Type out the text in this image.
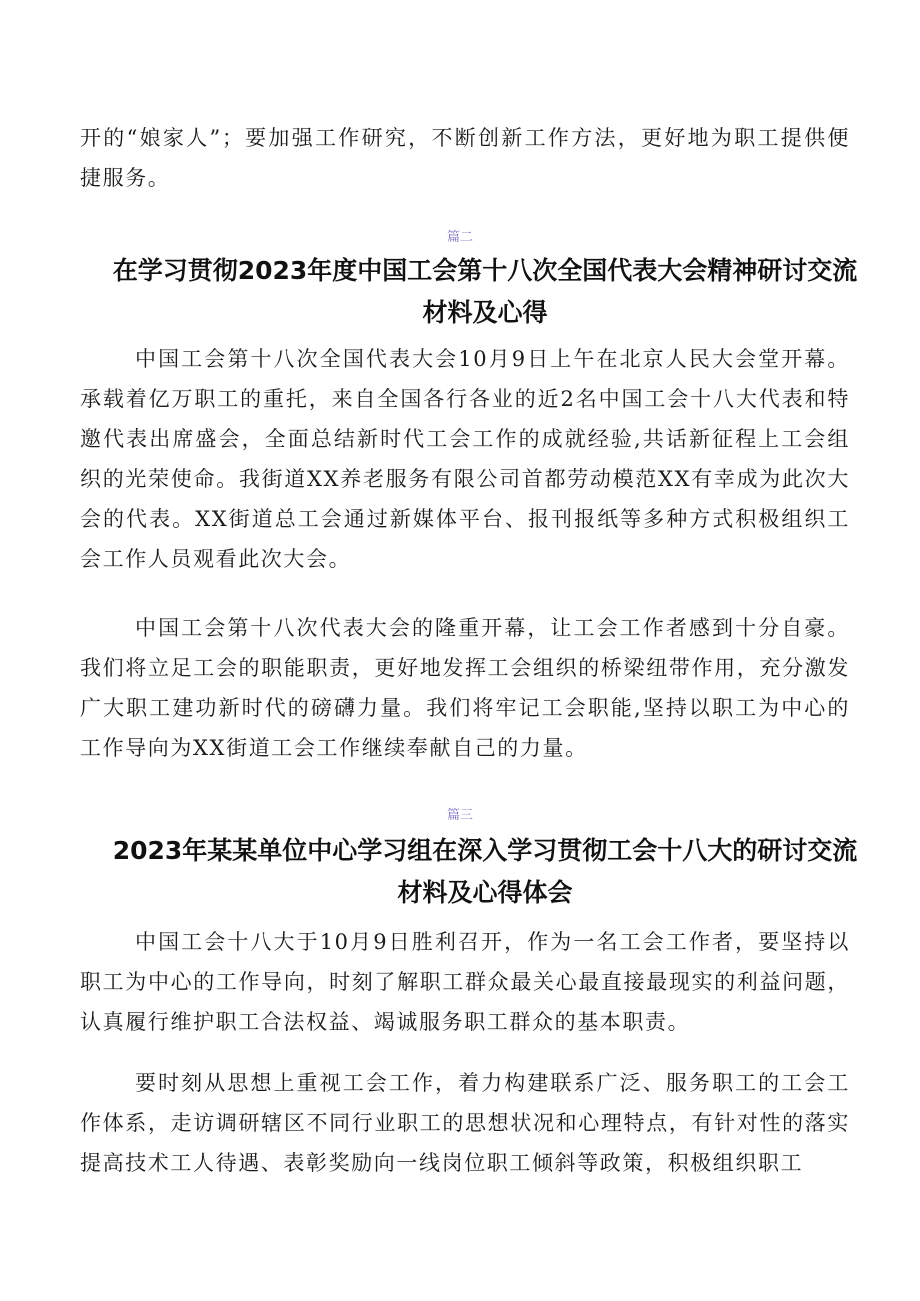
开的“娘家人”；要加强工作研究，不断创新工作方法，更好地为职工提供便捷服务。

篇二

在学习贯彻2023年度中国工会第十八次全国代表大会精神研讨交流材料及心得

中国工会第十八次全国代表大会10月9日上午在北京人民大会堂开幕。承载着亿万职工的重托，来自全国各行各业的近2名中国工会十八大代表和特邀代表出席盛会，全面总结新时代工会工作的成就经验,共话新征程上工会组织的光荣使命。我街道XX养老服务有限公司首都劳动模范XX有幸成为此次大会的代表。XX街道总工会通过新媒体平台、报刊报纸等多种方式积极组织工会工作人员观看此次大会。

中国工会第十八次代表大会的隆重开幕，让工会工作者感到十分自豪。我们将立足工会的职能职责，更好地发挥工会组织的桥梁纽带作用，充分激发广大职工建功新时代的磅礴力量。我们将牢记工会职能,坚持以职工为中心的工作导向为XX街道工会工作继续奉献自己的力量。

篇三

2023年某某单位中心学习组在深入学习贯彻工会十八大的研讨交流材料及心得体会

中国工会十八大于10月9日胜利召开，作为一名工会工作者，要坚持以职工为中心的工作导向，时刻了解职工群众最关心最直接最现实的利益问题，认真履行维护职工合法权益、竭诚服务职工群众的基本职责。

要时刻从思想上重视工会工作，着力构建联系广泛、服务职工的工会工作体系，走访调研辖区不同行业职工的思想状况和心理特点，有针对性的落实提高技术工人待遇、表彰奖励向一线岗位职工倾斜等政策，积极组织职工
